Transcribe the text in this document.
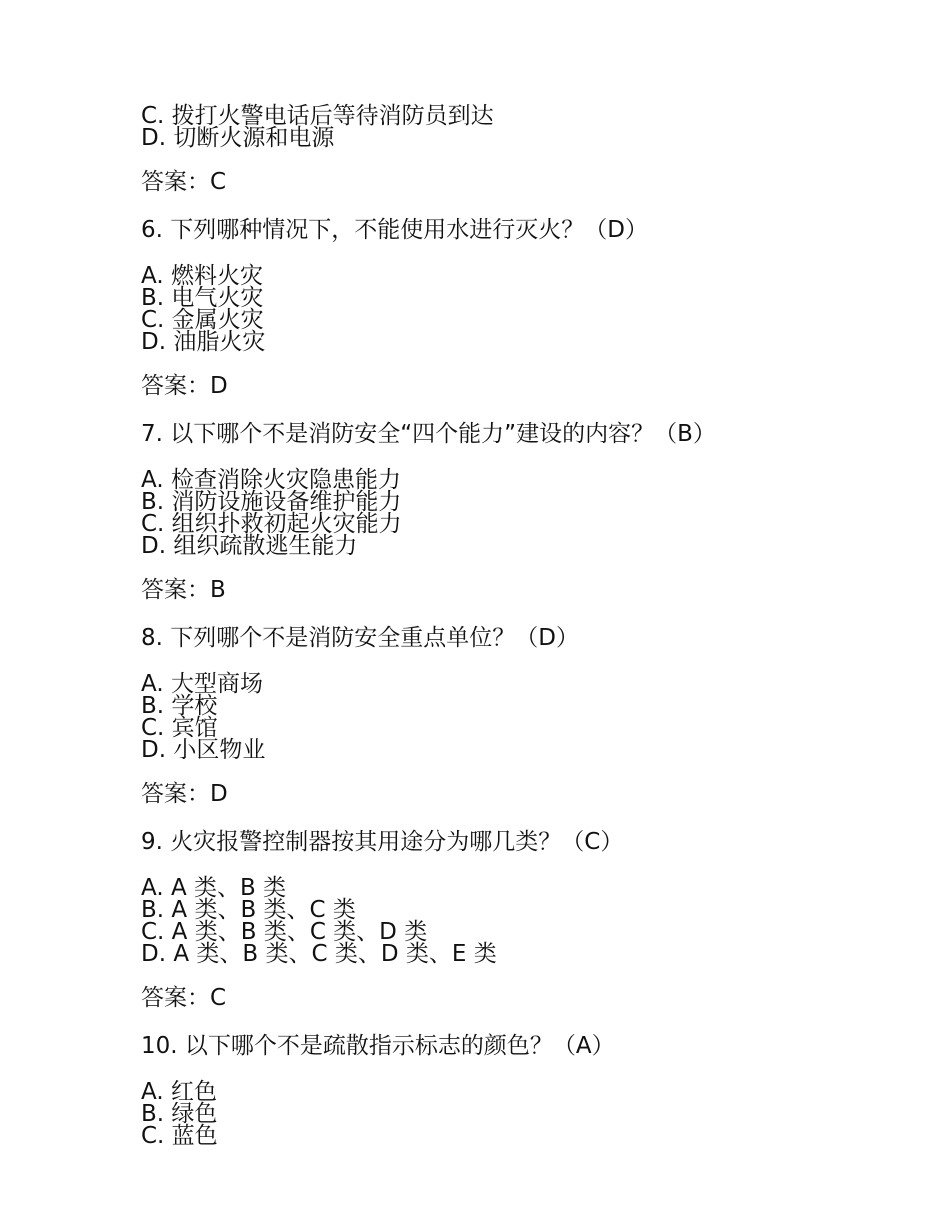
C. 拨打火警电话后等待消防员到达

D. 切断火源和电源

答案：C

6. 下列哪种情况下，不能使用水进行灭火？（D）

A. 燃料火灾

B. 电气火灾

C. 金属火灾

D. 油脂火灾

答案：D

7. 以下哪个不是消防安全“四个能力”建设的内容？（B）

A. 检查消除火灾隐患能力

B. 消防设施设备维护能力

C. 组织扑救初起火灾能力

D. 组织疏散逃生能力

答案：B

8. 下列哪个不是消防安全重点单位？（D）

A. 大型商场

B. 学校

C. 宾馆

D. 小区物业

答案：D

9. 火灾报警控制器按其用途分为哪几类？（C）

A. A 类、B 类

B. A 类、B 类、C 类

C. A 类、B 类、C 类、D 类

D. A 类、B 类、C 类、D 类、E 类

答案：C

10. 以下哪个不是疏散指示标志的颜色？（A）

A. 红色

B. 绿色

C. 蓝色
